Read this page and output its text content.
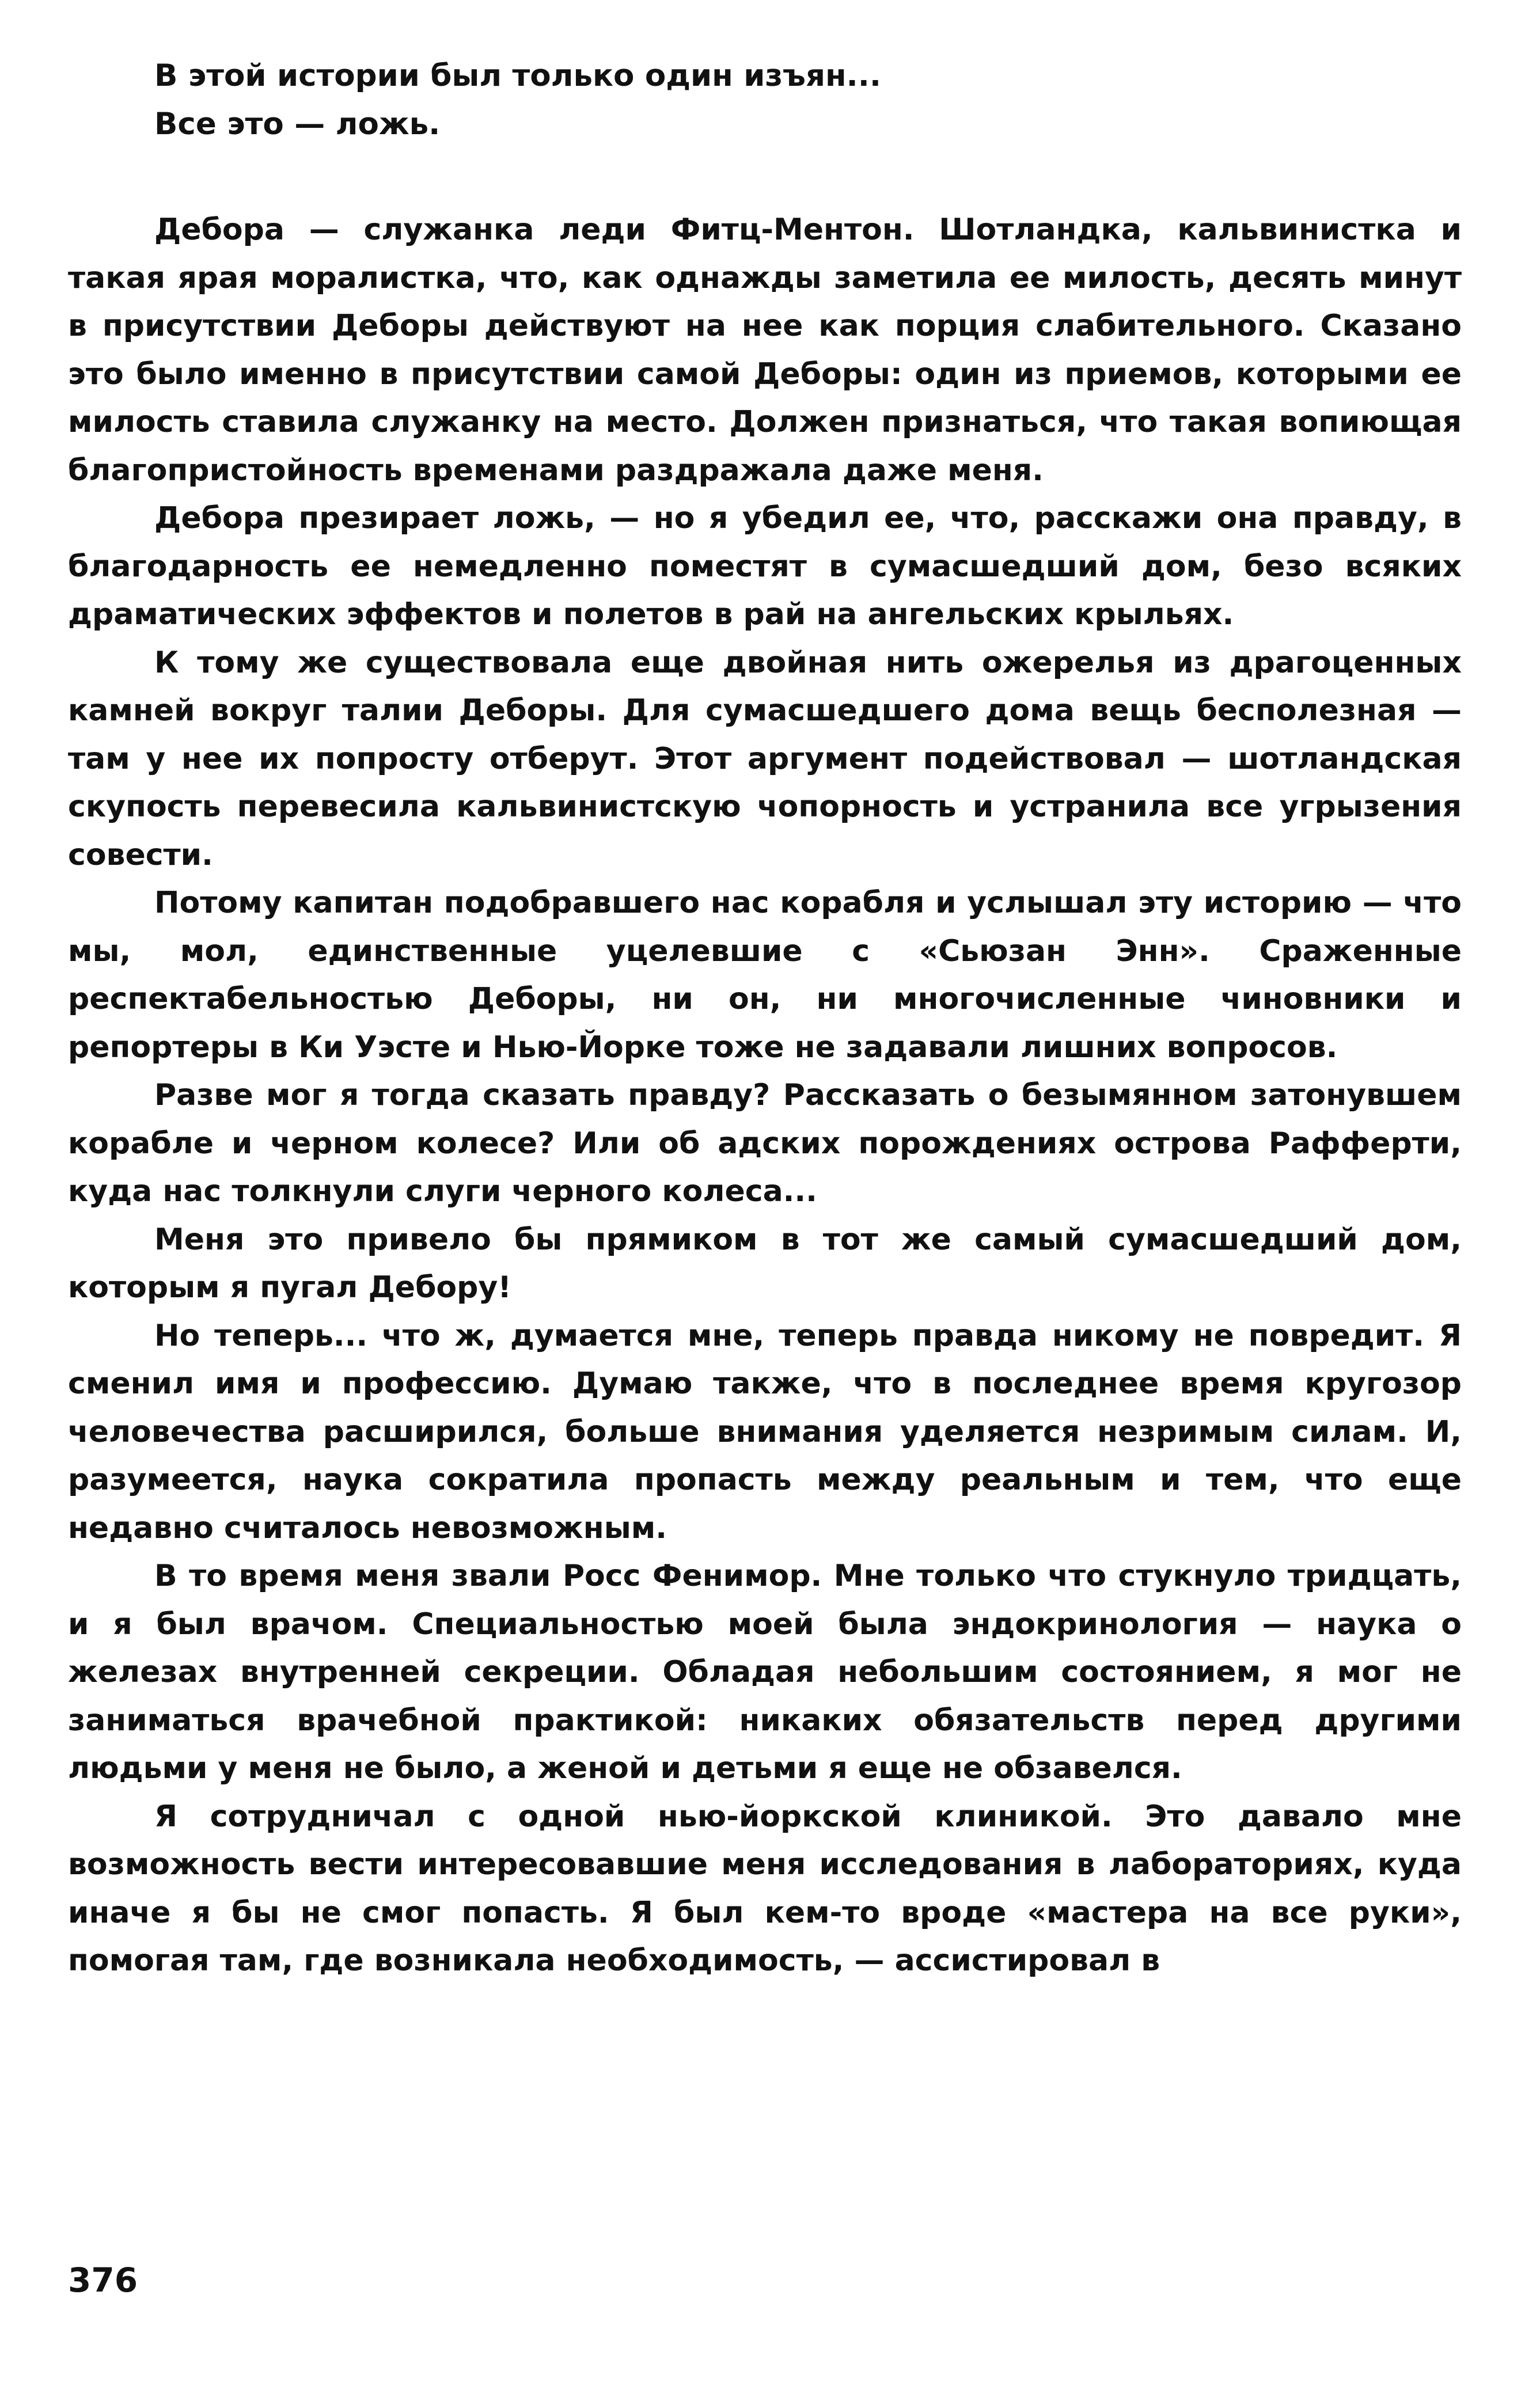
В этой истории был только один изъян...

Все это — ложь.

Дебора — служанка леди Фитц-Ментон. Шотландка, кальвинистка и такая ярая моралистка, что, как однажды заметила ее милость, десять минут в присутствии Деборы действуют на нее как порция слабительного. Сказано это было именно в присутствии самой Деборы: один из приемов, которыми ее милость ставила служанку на место. Должен признаться, что такая вопиющая благопристойность временами раздражала даже меня.

Дебора презирает ложь, — но я убедил ее, что, расскажи она правду, в благодарность ее немедленно поместят в сумасшедший дом, безо всяких драматических эффектов и полетов в рай на ангельских крыльях.

К тому же существовала еще двойная нить ожерелья из драгоценных камней вокруг талии Деборы. Для сумасшедшего дома вещь бесполезная — там у нее их попросту отберут. Этот аргумент подействовал — шотландская скупость перевесила кальвинистскую чопорность и устранила все угрызения совести.

Потому капитан подобравшего нас корабля и услышал эту историю — что мы, мол, единственные уцелевшие с «Сьюзан Энн». Сраженные респектабельностью Деборы, ни он, ни многочисленные чиновники и репортеры в Ки Уэсте и Нью-Йорке тоже не задавали лишних вопросов.

Разве мог я тогда сказать правду? Рассказать о безымянном затонувшем корабле и черном колесе? Или об адских порождениях острова Рафферти, куда нас толкнули слуги черного колеса...

Меня это привело бы прямиком в тот же самый сумасшедший дом, которым я пугал Дебору!

Но теперь... что ж, думается мне, теперь правда никому не повредит. Я сменил имя и профессию. Думаю также, что в последнее время кругозор человечества расширился, больше внимания уделяется незримым силам. И, разумеется, наука сократила пропасть между реальным и тем, что еще недавно считалось невозможным.

В то время меня звали Росс Фенимор. Мне только что стукнуло тридцать, и я был врачом. Специальностью моей была эндокринология — наука о железах внутренней секреции. Обладая небольшим состоянием, я мог не заниматься врачебной практикой: никаких обязательств перед другими людьми у меня не было, а женой и детьми я еще не обзавелся.

Я сотрудничал с одной нью-йоркской клиникой. Это давало мне возможность вести интересовавшие меня исследования в лабораториях, куда иначе я бы не смог попасть. Я был кем-то вроде «мастера на все руки», помогая там, где возникала необходимость, — ассистировал в

376
